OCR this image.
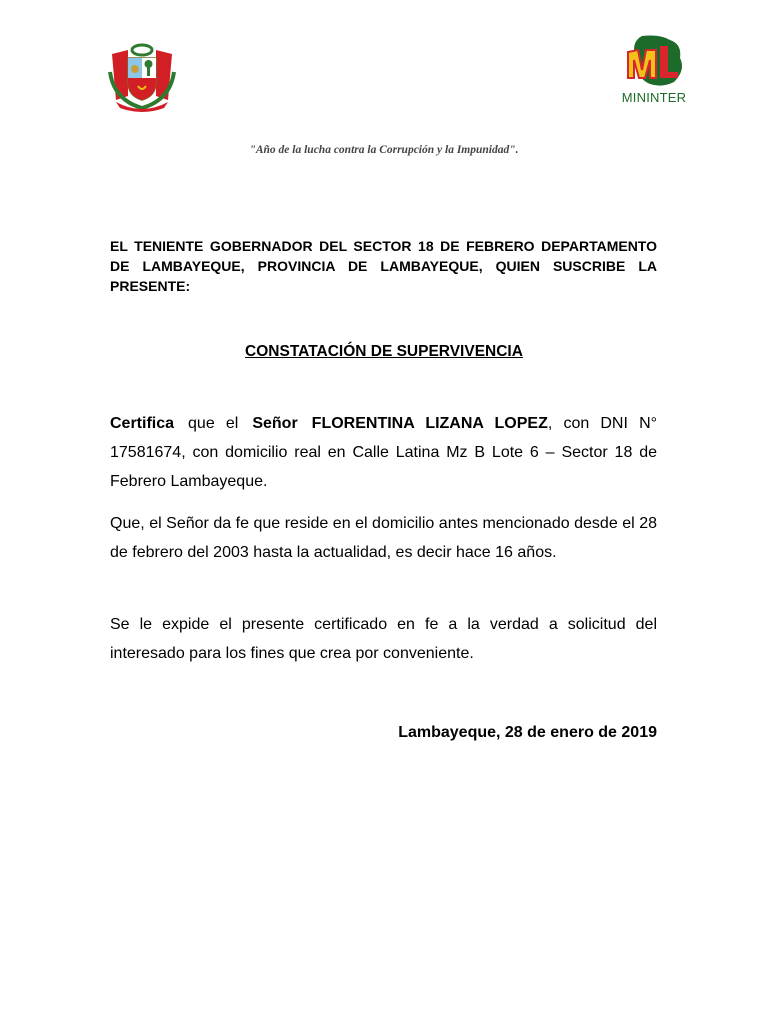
MININTER
"Año de la lucha contra la Corrupción y la Impunidad".
EL TENIENTE GOBERNADOR DEL SECTOR 18 DE FEBRERO DEPARTAMENTO DE LAMBAYEQUE, PROVINCIA DE LAMBAYEQUE, QUIEN SUSCRIBE LA PRESENTE:
CONSTATACIÓN DE SUPERVIVENCIA
Certifica que el Señor FLORENTINA LIZANA LOPEZ, con DNI N° 17581674, con domicilio real en Calle Latina Mz B Lote 6 – Sector 18 de Febrero Lambayeque.
Que, el Señor da fe que reside en el domicilio antes mencionado desde el 28 de febrero del 2003 hasta la actualidad, es decir hace 16 años.
Se le expide el presente certificado en fe a la verdad a solicitud del interesado para los fines que crea por conveniente.
Lambayeque, 28 de enero de 2019
